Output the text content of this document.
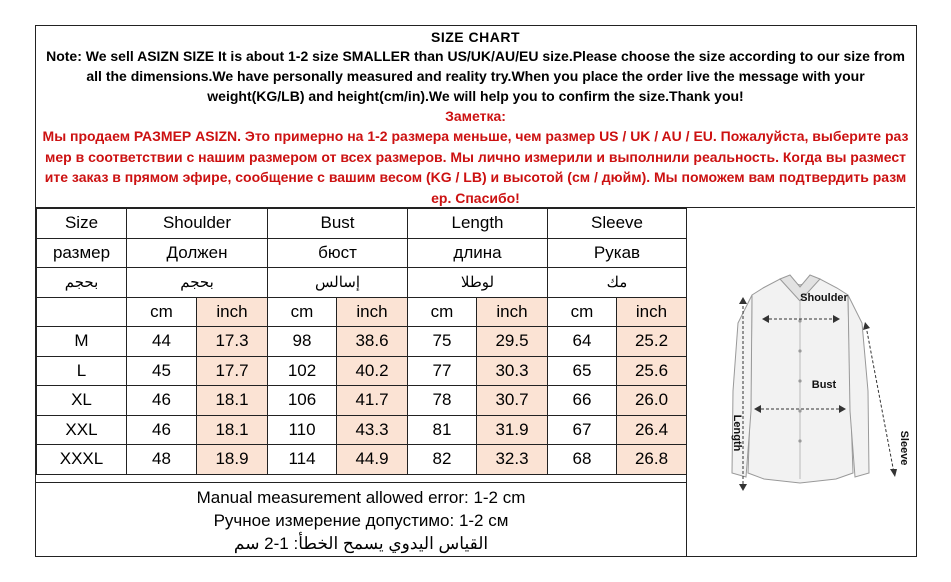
SIZE CHART
Note: We sell ASIZN SIZE It is about 1-2 size SMALLER than US/UK/AU/EU size.Please choose the size according to our size from all the dimensions.We have personally measured and reality try.When you place the order live the message with your weight(KG/LB) and height(cm/in).We will help you to confirm the size.Thank you!
Заметка:
Мы продаем РАЗМЕР ASIZN. Это примерно на 1-2 размера меньше, чем размер US / UK / AU / EU. Пожалуйста, выберите размер в соответствии с нашим размером от всех размеров. Мы лично измерили и выполнили реальность. Когда вы разместите заказ в прямом эфире, сообщение с вашим весом (KG / LB) и высотой (см / дюйм). Мы поможем вам подтвердить размер. Спасибо!
Size	Shoulder		Bust		Length		Sleeve	
размер	Должен		бюст		длина		Рукав	
بحجم	بحجم		إسالس		لوطلا		مك	
	cm	inch	cm	inch	cm	inch	cm	inch
M	44	17.3	98	38.6	75	29.5	64	25.2
L	45	17.7	102	40.2	77	30.3	65	25.6
XL	46	18.1	106	41.7	78	30.7	66	26.0
XXL	46	18.1	110	43.3	81	31.9	67	26.4
XXXL	48	18.9	114	44.9	82	32.3	68	26.8
Shoulder
Bust
Length	Sleeve
Manual measurement allowed error: 1-2 cm
Ручное измерение допустимо: 1-2 см
القياس اليدوي يسمح الخطأ: 1-2 سم
